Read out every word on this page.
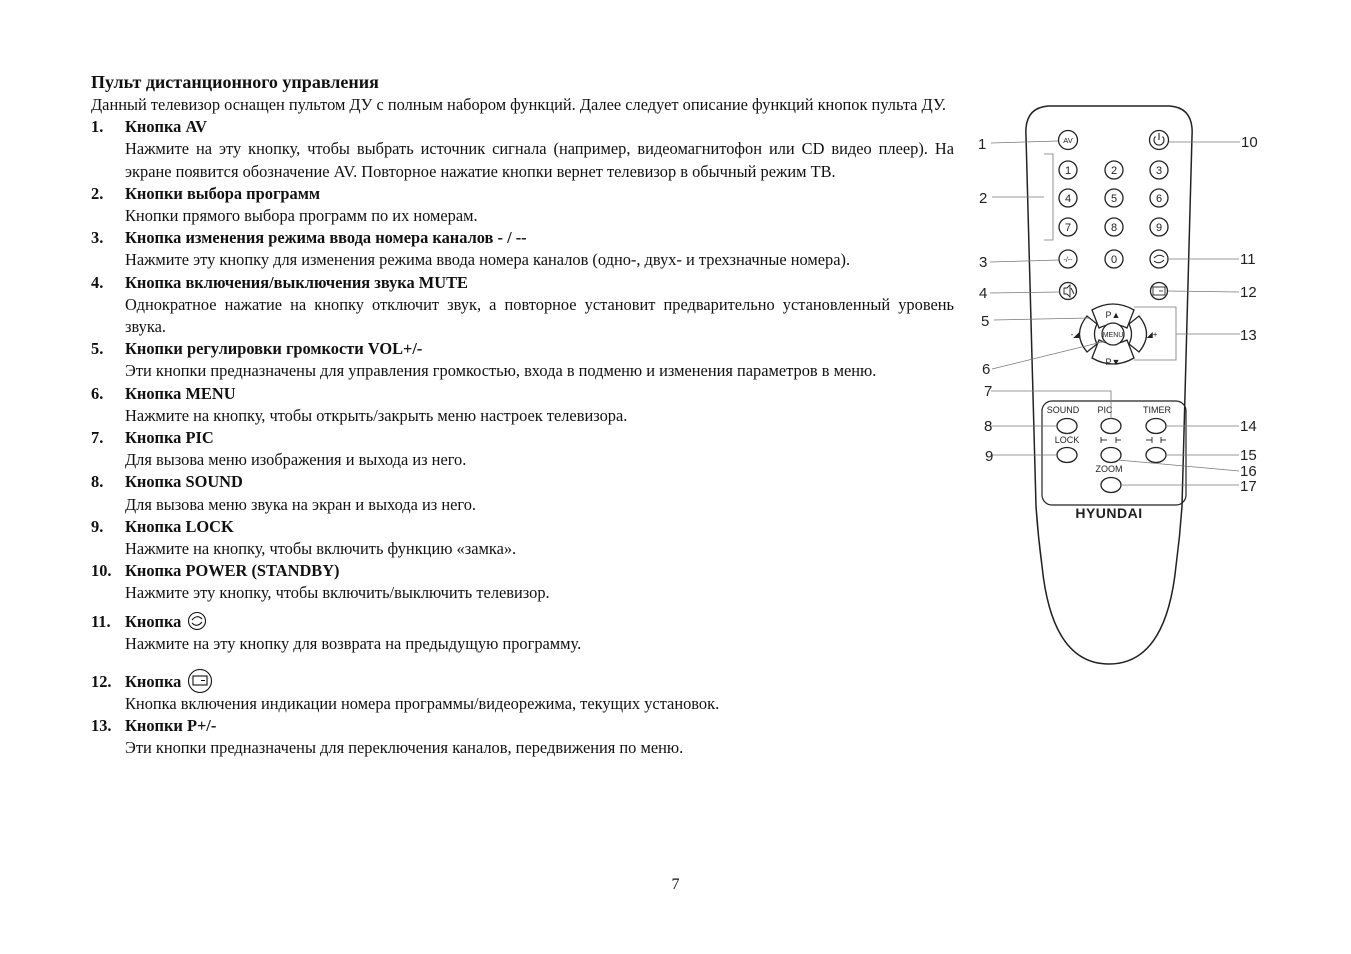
Пульт дистанционного управления

Данный телевизор оснащен пультом ДУ с полным набором функций. Далее следует описание функций кнопок пульта ДУ.

1.	Кнопка AV

Нажмите на эту кнопку, чтобы выбрать источник сигнала (например, видеомагнитофон или CD видео плеер). На экране появится обозначение AV. Повторное нажатие кнопки вернет телевизор в обычный режим ТВ.

2.	Кнопки выбора программ

Кнопки прямого выбора программ по их номерам.

3.	Кнопка изменения режима ввода номера каналов - / --

Нажмите эту кнопку для изменения режима ввода номера каналов (одно-, двух- и трехзначные номера).

4.	Кнопка включения/выключения звука MUTE

Однократное нажатие на кнопку отключит звук, а повторное установит предварительно установленный уровень звука.

5.	Кнопки регулировки громкости VOL+/-

Эти кнопки предназначены для управления громкостью, входа в подменю и изменения параметров в меню.

6.	Кнопка MENU

Нажмите на кнопку, чтобы открыть/закрыть меню настроек телевизора.

7.	Кнопка PIC

Для вызова меню изображения и выхода из него.

8.	Кнопка SOUND

Для вызова меню звука на экран и выхода из него.

9.	Кнопка LOCK

Нажмите на кнопку, чтобы включить функцию «замка».

10. Кнопка POWER (STANDBY)

Нажмите эту кнопку, чтобы включить/выключить телевизор.

11. Кнопка

Нажмите на эту кнопку для возврата на предыдущую программу.

12. Кнопка

Кнопка включения индикации номера программы/видеорежима, текущих установок.

13. Кнопки P+/-

Эти кнопки предназначены для переключения каналов, передвижения по меню.

7
AV
1	2	3
4	5	6
7	8	9
-/--	0
P▲
P▼
-◢	◢+
MENU
SOUND PIC	TIMER
LOCK
ZOOM
HYUNDAI
1
2
3
4
5
6
7
8
9
10
11
12
13
14
15
16
17
